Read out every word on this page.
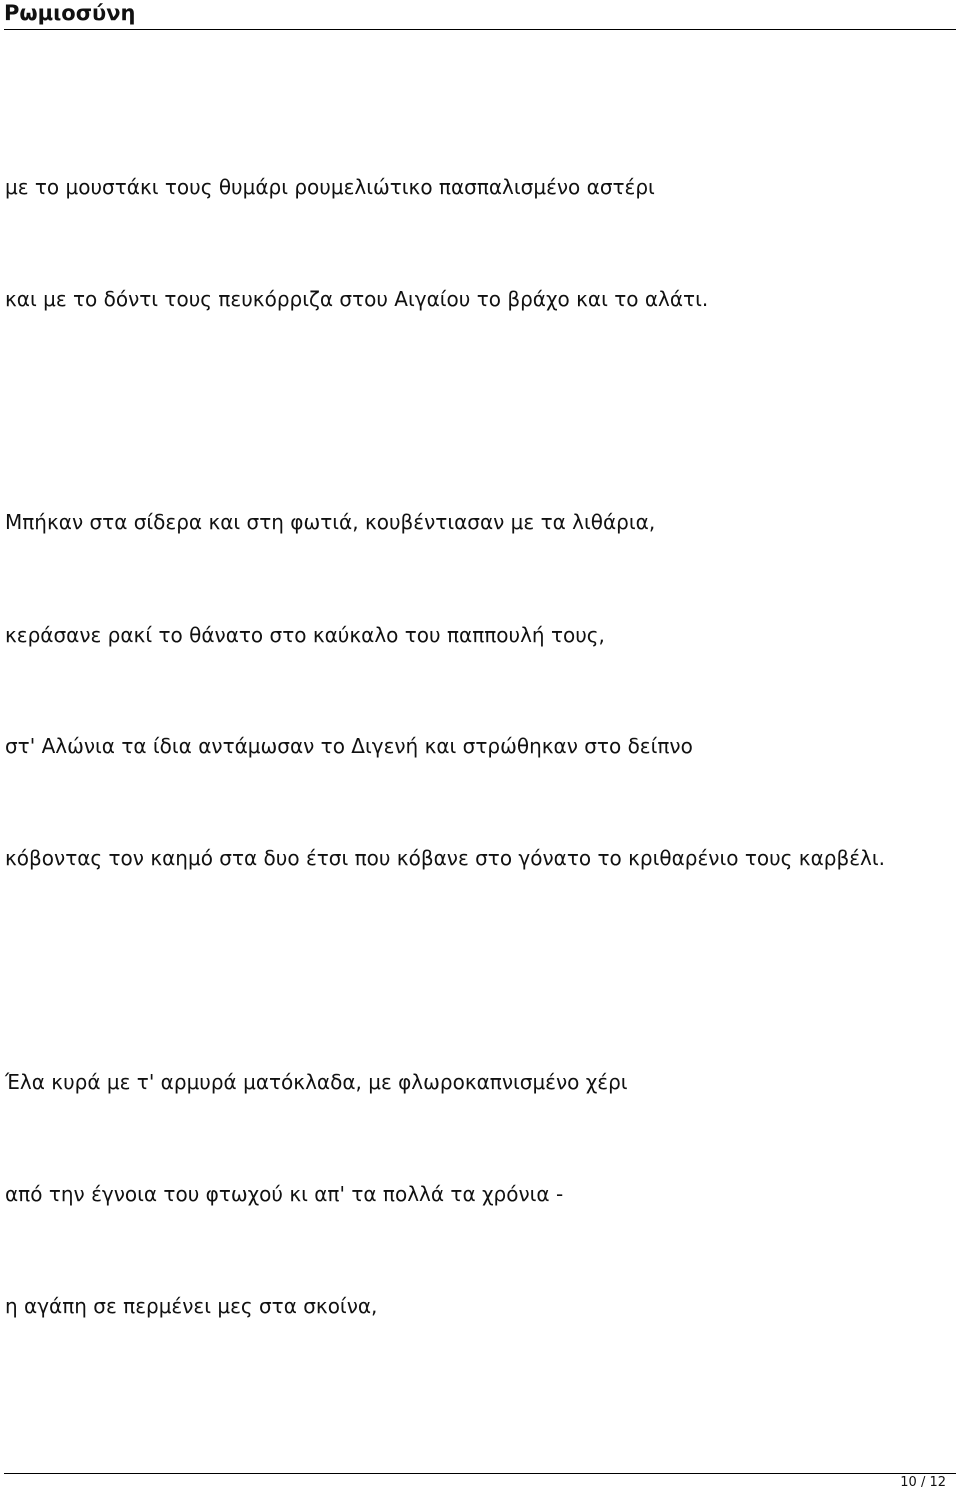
Ρωμιοσύνη
με το μουστάκι τους θυμάρι ρουμελιώτικο πασπαλισμένο αστέρι
και με το δόντι τους πευκόρριζα στου Αιγαίου το βράχο και το αλάτι.
Μπήκαν στα σίδερα και στη φωτιά, κουβέντιασαν με τα λιθάρια,
κεράσανε ρακί το θάνατο στο καύκαλο του παππουλή τους,
στ' Αλώνια τα ίδια αντάμωσαν το Διγενή και στρώθηκαν στο δείπνο
κόβοντας τον καημό στα δυο έτσι που κόβανε στο γόνατο το κριθαρένιο τους καρβέλι.
Έλα κυρά με τ' αρμυρά ματόκλαδα, με φλωροκαπνισμένο χέρι
από την έγνοια του φτωχού κι απ' τα πολλά τα χρόνια -
η αγάπη σε περμένει μες στα σκοίνα,
10 / 12
